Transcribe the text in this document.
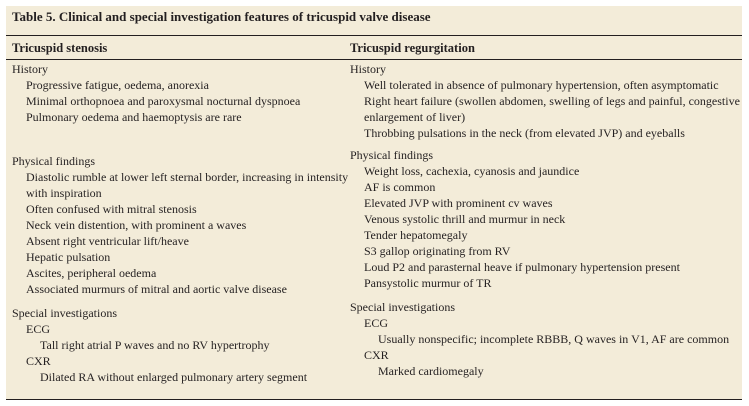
Table 5. Clinical and special investigation features of tricuspid valve disease
Tricuspid stenosis	Tricuspid regurgitation
History
Progressive fatigue, oedema, anorexia
Minimal orthopnoea and paroxysmal nocturnal dyspnoea
Pulmonary oedema and haemoptysis are rare
Physical findings
Diastolic rumble at lower left sternal border, increasing in intensity with inspiration
Often confused with mitral stenosis
Neck vein distention, with prominent a waves
Absent right ventricular lift/heave
Hepatic pulsation
Ascites, peripheral oedema
Associated murmurs of mitral and aortic valve disease
Special investigations
ECG
Tall right atrial P waves and no RV hypertrophy
CXR
Dilated RA without enlarged pulmonary artery segment
History
Well tolerated in absence of pulmonary hypertension, often asymptomatic
Right heart failure (swollen abdomen, swelling of legs and painful, congestive enlargement of liver)
Throbbing pulsations in the neck (from elevated JVP) and eyeballs
Physical findings
Weight loss, cachexia, cyanosis and jaundice
AF is common
Elevated JVP with prominent cv waves
Venous systolic thrill and murmur in neck
Tender hepatomegaly
S3 gallop originating from RV
Loud P2 and parasternal heave if pulmonary hypertension present
Pansystolic murmur of TR
Special investigations
ECG
Usually nonspecific; incomplete RBBB, Q waves in V1, AF are common
CXR
Marked cardiomegaly
